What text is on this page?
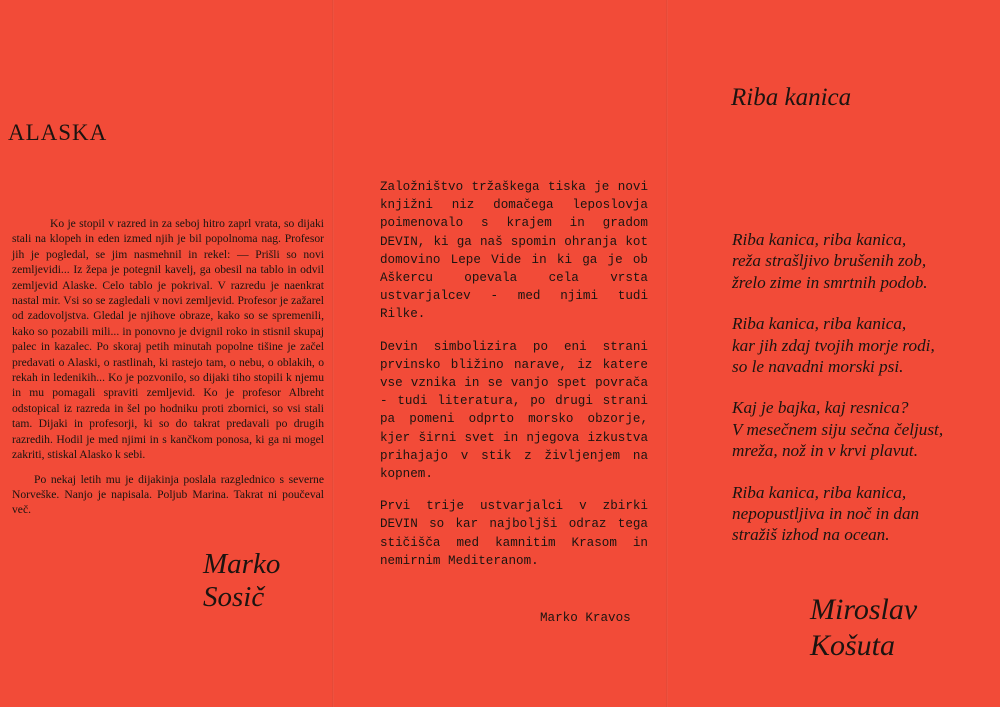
ALASKA

Ko je stopil v razred in za seboj hitro zaprl vrata, so dijaki stali na klopeh in eden izmed njih je bil popolnoma nag. Profesor jih je pogledal, se jim nasmehnil in rekel: — Prišli so novi zemljevidi... Iz žepa je potegnil kavelj, ga obesil na tablo in odvil zemljevid Alaske. Celo tablo je pokrival. V razredu je naenkrat nastal mir. Vsi so se zagledali v novi zemljevid. Profesor je zažarel od zadovoljstva. Gledal je njihove obraze, kako so se spremenili, kako so pozabili mili... in ponovno je dvignil roko in stisnil skupaj palec in kazalec. Po skoraj petih minutah popolne tišine je začel predavati o Alaski, o rastlinah, ki rastejo tam, o nebu, o oblakih, o rekah in ledenikih... Ko je pozvonilo, so dijaki tiho stopili k njemu in mu pomagali spraviti zemljevid. Ko je profesor Albreht odstopical iz razreda in šel po hodniku proti zbornici, so vsi stali tam. Dijaki in profesorji, ki so do takrat predavali po drugih razredih. Hodil je med njimi in s kančkom ponosa, ki ga ni mogel zakriti, stiskal Alasko k sebi.

Po nekaj letih mu je dijakinja poslala razglednico s severne Norveške. Nanjo je napisala. Poljub Marina. Takrat ni poučeval več.

Marko
Sosič

Založništvo tržaškega tiska je novi knjižni niz domačega leposlovja poimenovalo s krajem in gradom DEVIN, ki ga naš spomin ohranja kot domovino Lepe Vide in ki ga je ob Aškercu opevala cela vrsta ustvarjalcev - med njimi tudi Rilke.

Devin simbolizira po eni strani prvinsko bližino narave, iz katere vse vznika in se vanjo spet povrača - tudi literatura, po drugi strani pa pomeni odprto morsko obzorje, kjer širni svet in njegova izkustva prihajajo v stik z življenjem na kopnem.

Prvi trije ustvarjalci v zbirki DEVIN so kar najboljši odraz tega stičišča med kamnitim Krasom in nemirnim Mediteranom.

Marko Kravos
Riba kanica
Riba kanica, riba kanica,
reža strašljivo brušenih zob,
žrelo zime in smrtnih podob.
Riba kanica, riba kanica,
kar jih zdaj tvojih morje rodi,
so le navadni morski psi.
Kaj je bajka, kaj resnica?
V mesečnem siju sečna čeljust,
mreža, nož in v krvi plavut.
Riba kanica, riba kanica,
nepopustljiva in noč in dan
stražiš izhod na ocean.
Miroslav
Košuta
